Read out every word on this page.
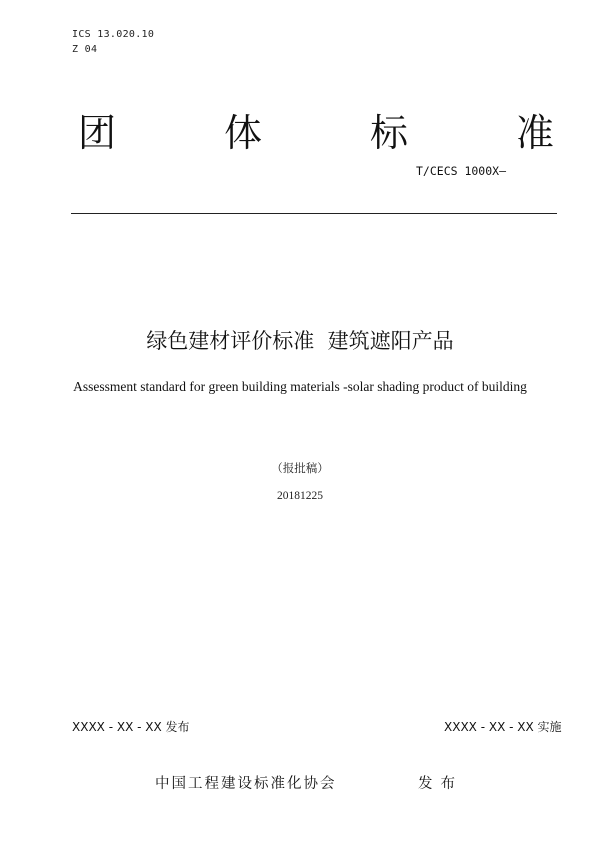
ICS 13.020.10
Z 04
团	体	标	准
T/CECS 1000X—
绿色建材评价标准  建筑遮阳产品
Assessment standard for green building materials -solar shading product of building
（报批稿）
20181225
XXXX - XX - XX 发布	XXXX - XX - XX 实施
中国工程建设标准化协会	发布
